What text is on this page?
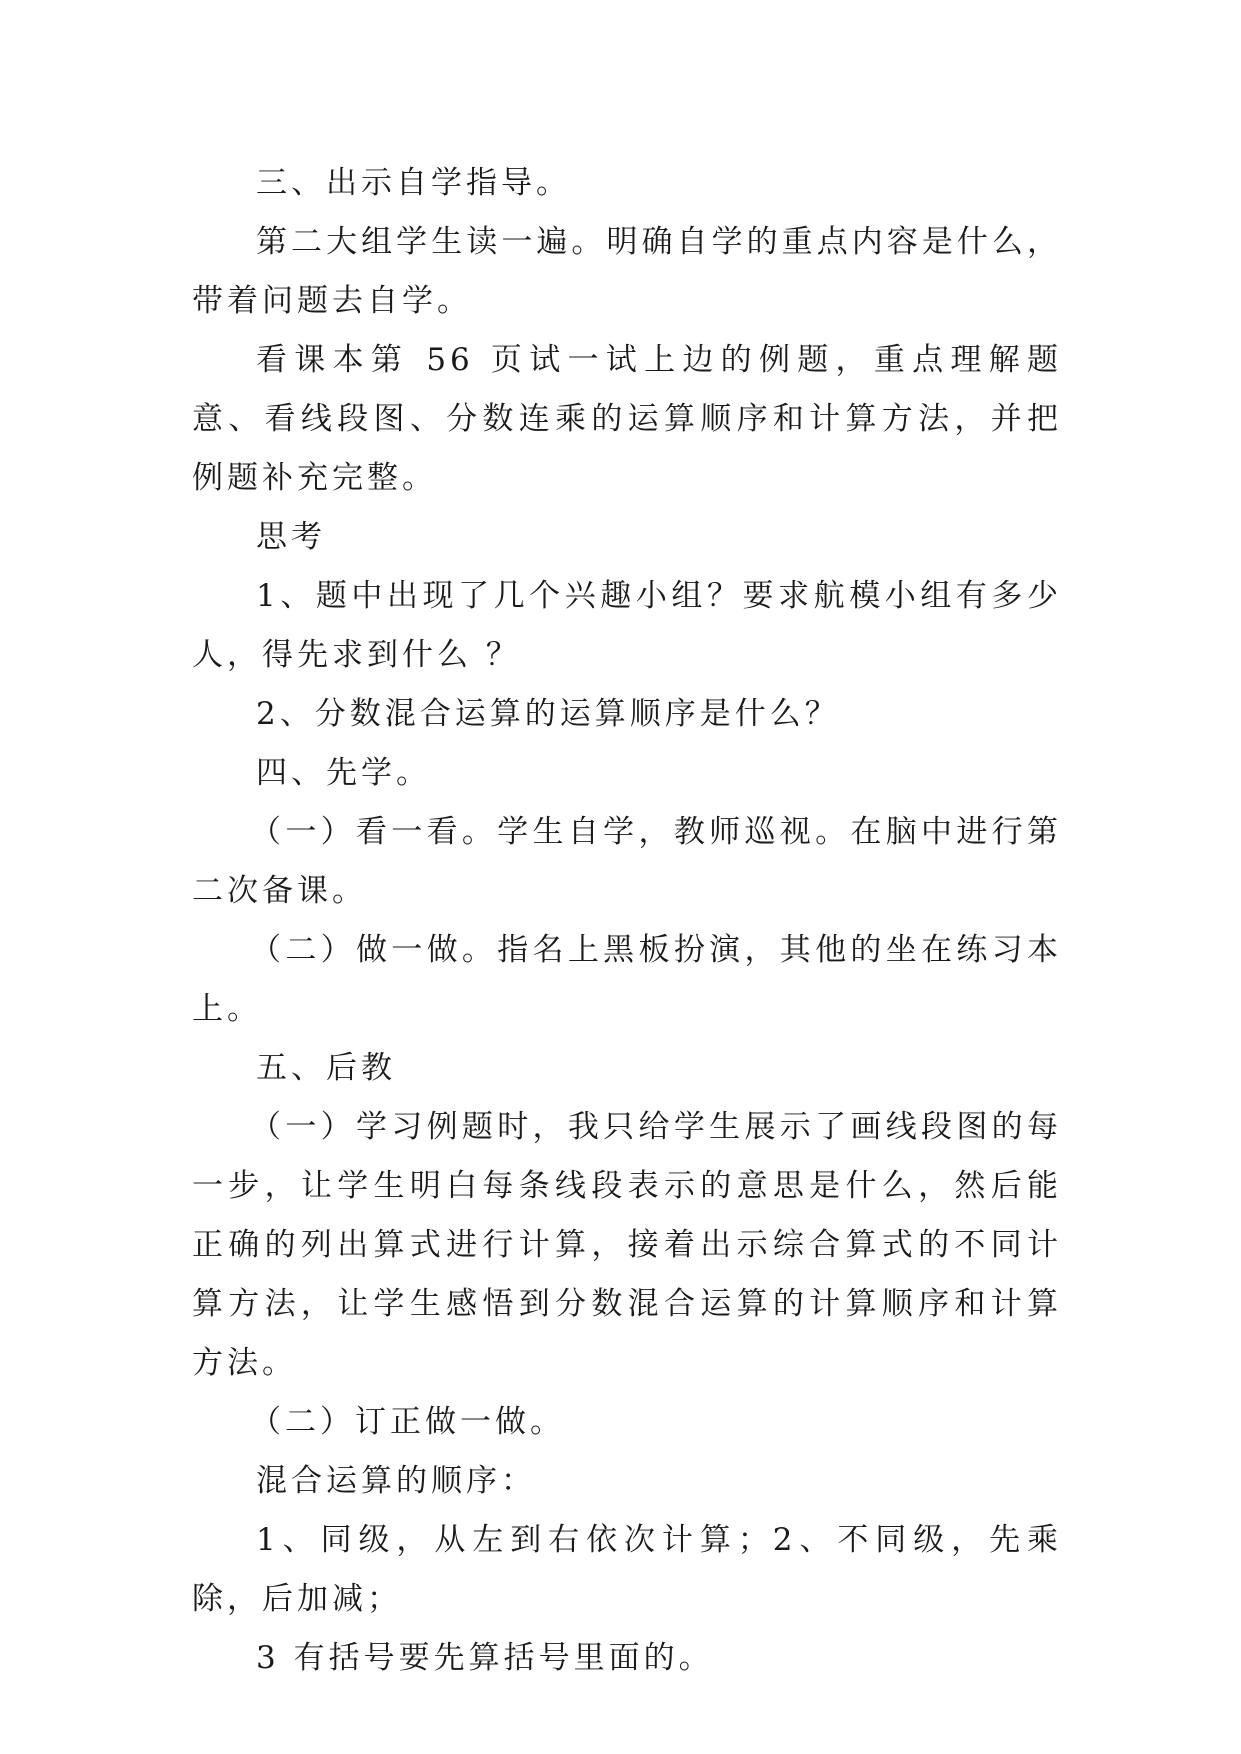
三、出示自学指导。

第二大组学生读一遍。明确自学的重点内容是什么，带着问题去自学。

看课本第 56 页试一试上边的例题，重点理解题意、看线段图、分数连乘的运算顺序和计算方法，并把例题补充完整。

思考

1、题中出现了几个兴趣小组？要求航模小组有多少人，得先求到什么 ？

2、分数混合运算的运算顺序是什么？

四、先学。

（一）看一看。学生自学，教师巡视。在脑中进行第二次备课。

（二）做一做。指名上黑板扮演，其他的坐在练习本上。

五、后教

（一）学习例题时，我只给学生展示了画线段图的每一步，让学生明白每条线段表示的意思是什么，然后能正确的列出算式进行计算，接着出示综合算式的不同计算方法，让学生感悟到分数混合运算的计算顺序和计算方法。

（二）订正做一做。

混合运算的顺序：

1、同级，从左到右依次计算；2、不同级，先乘除，后加减；

3 有括号要先算括号里面的。
